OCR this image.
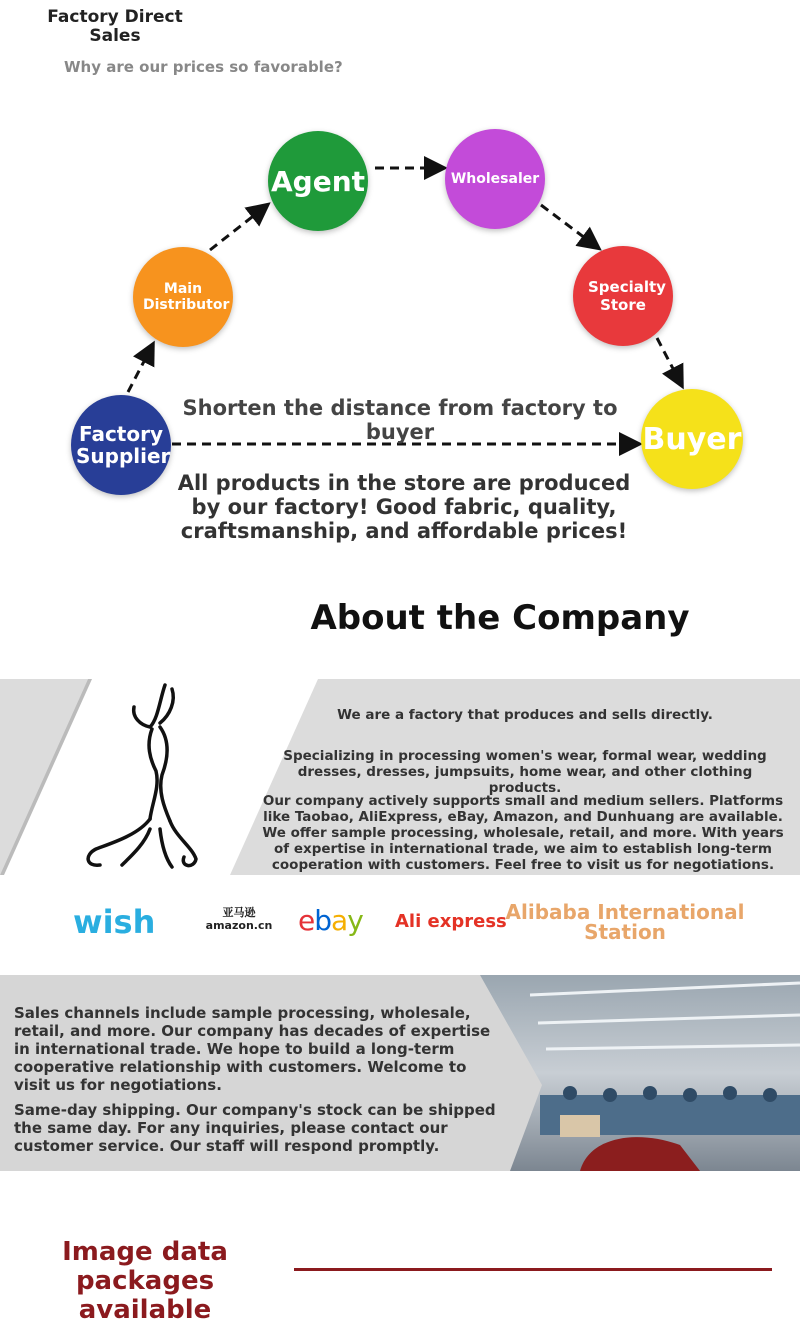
Factory Direct Sales
Why are our prices so favorable?
Agent	Wholesaler
Main Distributor
Specialty Store
Factory Supplier	Buyer
Shorten the distance from factory to buyer
All products in the store are produced by our factory! Good fabric, quality, craftsmanship, and affordable prices!
About the Company
We are a factory that produces and sells directly.
Specializing in processing women's wear, formal wear, wedding dresses, dresses, jumpsuits, home wear, and other clothing products.
Our company actively supports small and medium sellers. Platforms like Taobao, AliExpress, eBay, Amazon, and Dunhuang are available. We offer sample processing, wholesale, retail, and more. With years of expertise in international trade, we aim to establish long-term cooperation with customers. Feel free to visit us for negotiations.
wish	亚马逊 amazon.cn ebay Ali express
Alibaba International Station
Sales channels include sample processing, wholesale, retail, and more. Our company has decades of expertise in international trade. We hope to build a long-term cooperative relationship with customers. Welcome to visit us for negotiations.
Same-day shipping. Our company's stock can be shipped the same day. For any inquiries, please contact our customer service. Our staff will respond promptly.
Image data packages available
